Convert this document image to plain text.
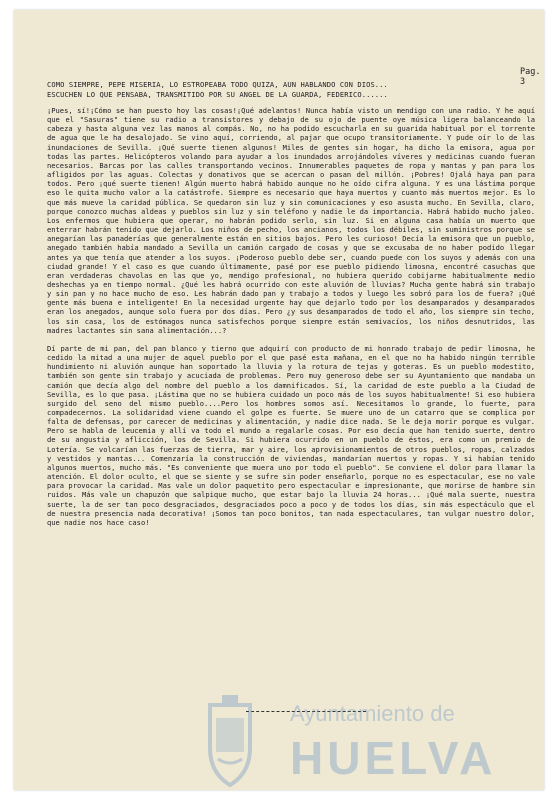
Pag. 3

COMO SIEMPRE, PEPE MISERIA, LO ESTROPEABA TODO QUIZA, AUN HABLANDO CON DIOS...

ESCUCHEN LO QUE PENSABA, TRANSMITIDO POR SU ANGEL DE LA GUARDA, FEDERICO......

¡Pues, sí!¡Cómo se han puesto hoy las cosas!¡Qué adelantos! Nunca había visto un mendigo con una radio. Y he aquí que el "Sasuras" tiene su radio a transistores y debajo de su ojo de puente oye música ligera balanceando la cabeza y hasta alguna vez las manos al compás. No, no ha podido escucharla en su guarida habitual por el torrente de agua que le ha desalojado. Se vino aquí, corriendo, al pajar que ocupo transitoriamente. Y pude oír lo de las inundaciones de Sevilla. ¡Qué suerte tienen algunos! Miles de gentes sin hogar, ha dicho la emisora, agua por todas las partes. Helicópteros volando para ayudar a los inundados arrojándoles víveres y medicinas cuando fueran necesarios. Barcas por las calles transportando vecinos. Innumerables paquetes de ropa y mantas y pan para los afligidos por las aguas. Colectas y donativos que se acercan o pasan del millón. ¡Pobres! Ojalá haya pan para todos. Pero ¡qué suerte tienen! Algún muerto habrá habido aunque no he oído cifra alguna. Y es una lástima porque eso le quita mucho valor a la catástrofe. Siempre es necesario que haya muertos y cuanto más muertos mejor. Es lo que más mueve la caridad pública. Se quedaron sin luz y sin comunicaciones y eso asusta mucho. En Sevilla, claro, porque conozco muchas aldeas y pueblos sin luz y sin teléfono y nadie le da importancia. Habrá habido mucho jaleo. Los enfermos que hubiera que operar, no habrán podido serlo, sin luz. Si en alguna casa había un muerto que enterrar habrán tenido que dejarlo. Los niños de pecho, los ancianos, todos los débiles, sin suministros porque se anegarían las panaderías que generalmente están en sitios bajos. Pero les curioso! Decía la emisora que un pueblo, anegado también había mandado a Sevilla un camión cargado de cosas y que se excusaba de no haber podido llegar antes ya que tenía que atender a los suyos. ¡Poderoso pueblo debe ser, cuando puede con los suyos y además con una ciudad grande! Y el caso es que cuando últimamente, pasé por ese pueblo pidiendo limosna, encontré casuchas que eran verdaderas chavolas en las que yo, mendigo profesional, no hubiera querido cobijarme habitualmente medio deshechas ya en tiempo normal. ¿Qué les habrá ocurrido con este aluvión de lluvias? Mucha gente habrá sin trabajo y sin pan y no hace mucho de eso. Les habrán dado pan y trabajo a todos y luego les sobró para los de fuera? ¡Qué gente más buena e inteligente! En la necesidad urgente hay que dejarlo todo por los desamparados y desamparados eran los anegados, aunque solo fuera por dos días. Pero ¿y sus desamparados de todo el año, los siempre sin techo, los sin casa, los de estómagos nunca satisfechos porque siempre están semivacíos, los niños desnutridos, las madres lactantes sin sana alimentación...?

Dí parte de mi pan, del pan blanco y tierno que adquirí con producto de mi honrado trabajo de pedir limosna, he cedido la mitad a una mujer de aquel pueblo por el que pasé esta mañana, en el que no ha habido ningún terrible hundimiento ni aluvión aunque han soportado la lluvia y la rotura de tejas y goteras. Es un pueblo modestito, también son gente sin trabajo y acuciada de problemas. Pero muy generoso debe ser su Ayuntamiento que mandaba un camión que decía algo del nombre del pueblo a los damnificados. Sí, la caridad de este pueblo a la Ciudad de Sevilla, es lo que pasa. ¡Lástima que no se hubiera cuidado un poco más de los suyos habitualmente! Si eso hubiera surgido del seno del mismo pueblo....Pero los hombres somos así. Necesitamos lo grande, lo fuerte, para compadecernos. La solidaridad viene cuando el golpe es fuerte. Se muere uno de un catarro que se complica por falta de defensas, por carecer de medicinas y alimentación, y nadie dice nada. Se le deja morir porque es vulgar. Pero se habla de leucemia y allí va todo el mundo a regalarle cosas. Por eso decía que han tenido suerte, dentro de su angustia y aflicción, los de Sevilla. Si hubiera ocurrido en un pueblo de éstos, era como un premio de Lotería. Se volcarían las fuerzas de tierra, mar y aire, los aprovisionamientos de otros pueblos, ropas, calzados y vestidos y mantas... Comenzaría la construcción de viviendas, mandarían muertos y ropas. Y si habían tenido algunos muertos, mucho más. "Es conveniente que muera uno por todo el pueblo". Se conviene el dolor para llamar la atención. El dolor oculto, el que se siente y se sufre sin poder enseñarlo, porque no es espectacular, ese no vale para provocar la caridad. Mas vale un dolor paquetito pero espectacular e impresionante, que morirse de hambre sin ruidos. Más vale un chapuzón que salpique mucho, que estar bajo la lluvia 24 horas... ¡Qué mala suerte, nuestra suerte, la de ser tan poco desgraciados, desgraciados poco a poco y de todos los días, sin más espectáculo que el de nuestra presencia nada decorativa! ¡Somos tan poco bonitos, tan nada espectaculares, tan vulgar nuestro dolor, que nadie nos hace caso!

Ayuntamiento de
HUELVA
